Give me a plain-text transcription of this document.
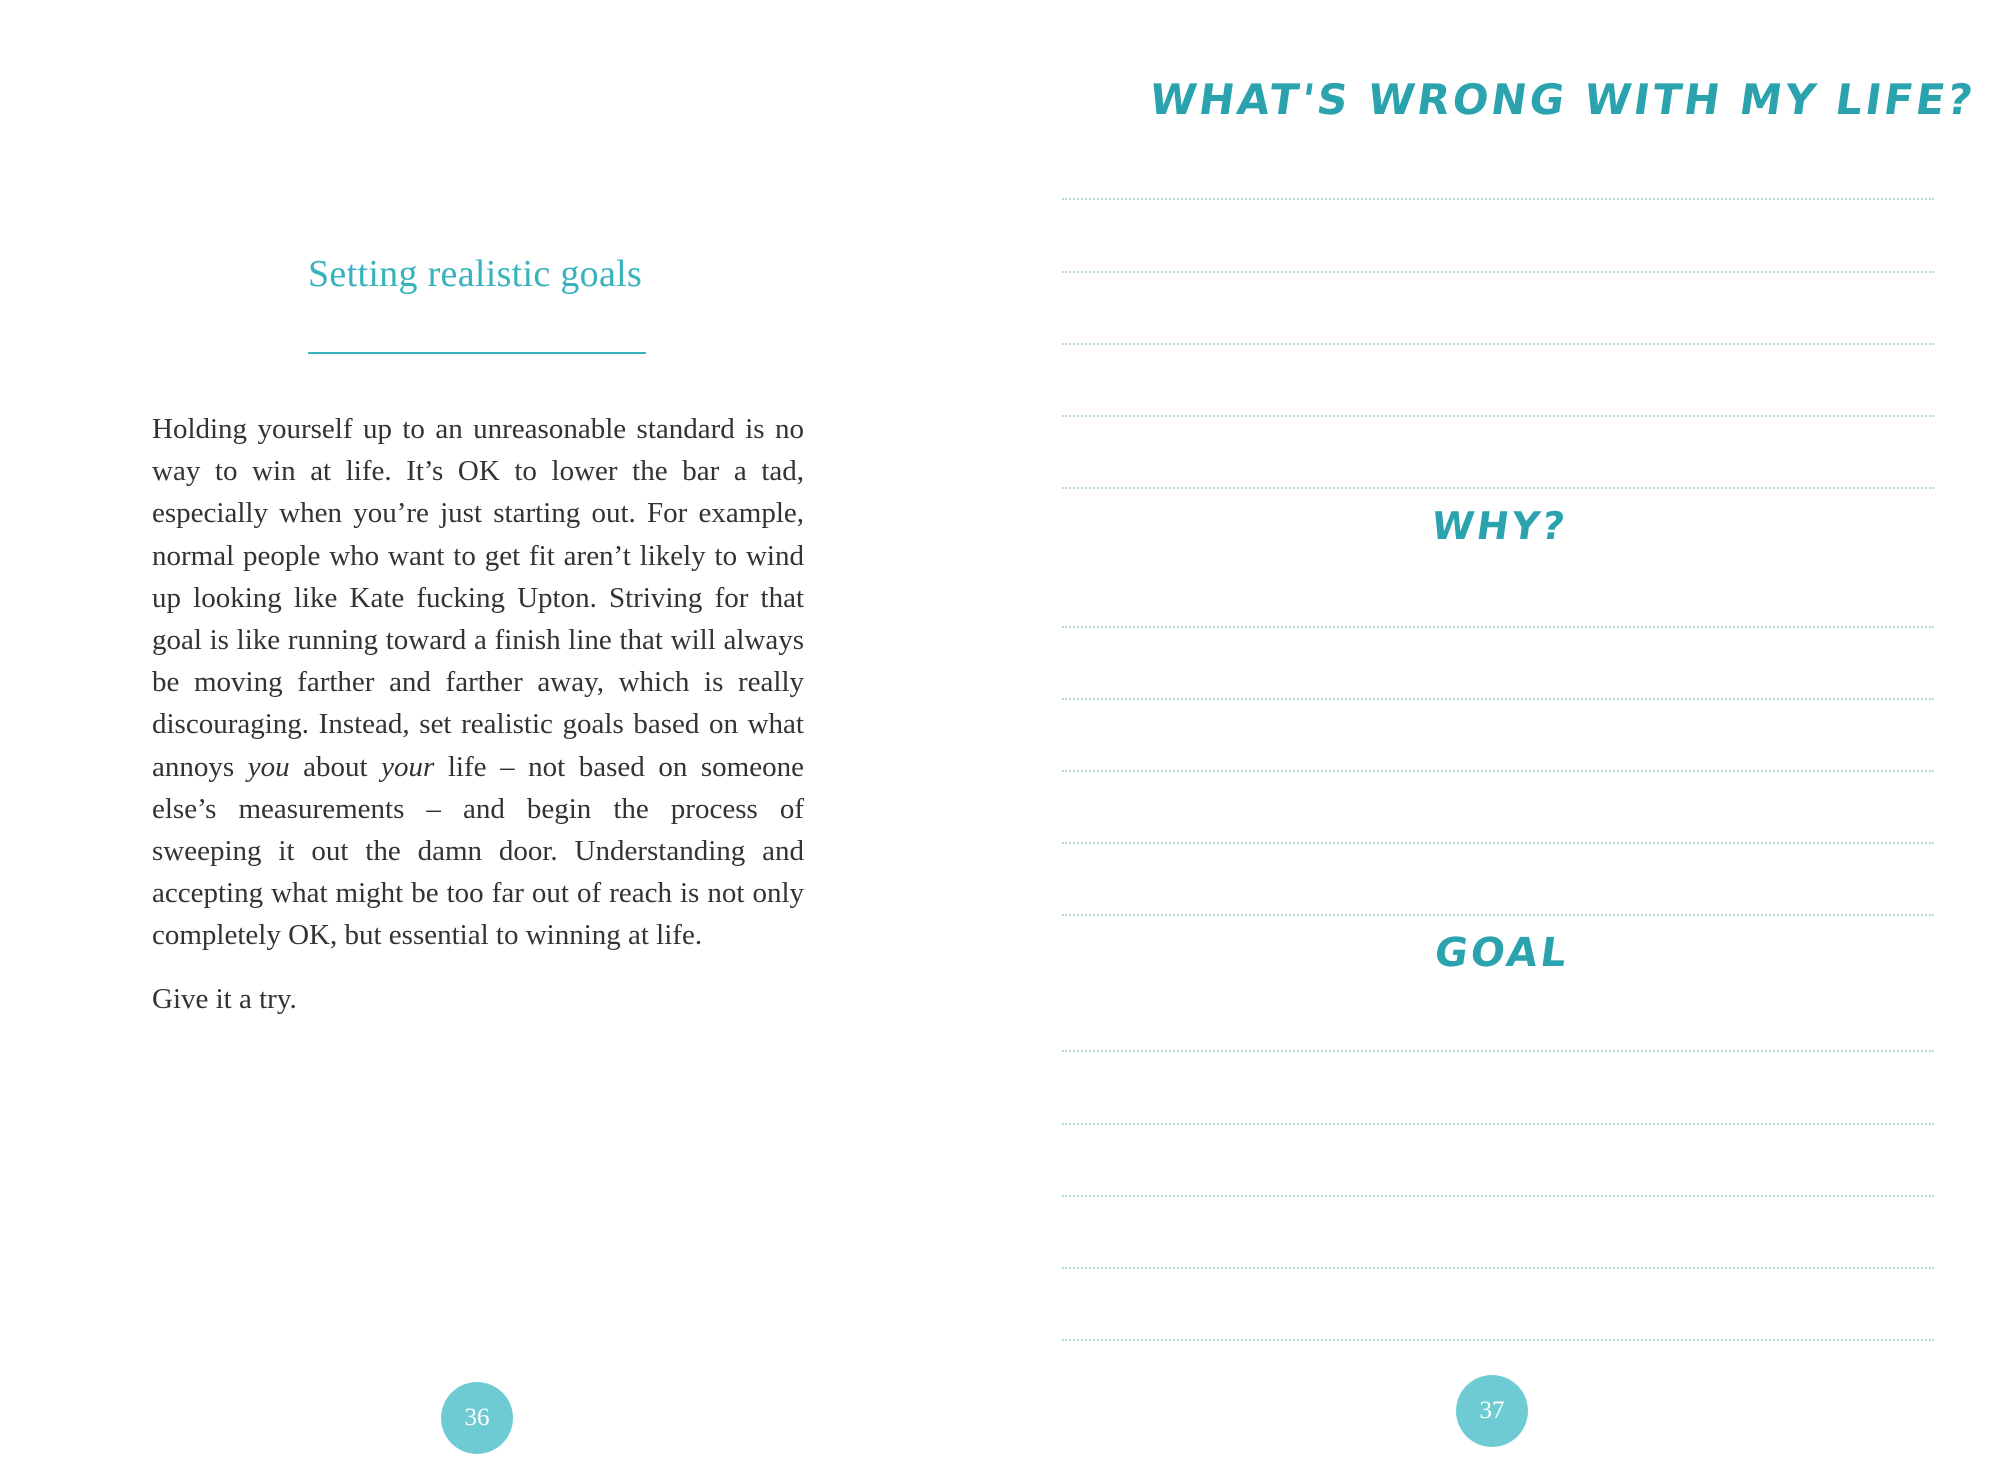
Setting realistic goals

Holding yourself up to an unreasonable standard is no way to win at life. It’s OK to lower the bar a tad, especially when you’re just starting out. For example, normal people who want to get fit aren’t likely to wind up looking like Kate fucking Upton. Striving for that goal is like running toward a finish line that will always be moving farther and farther away, which is really discouraging. Instead, set realistic goals based on what annoys you about your life – not based on someone else’s measurements – and begin the process of sweeping it out the damn door. Understanding and accepting what might be too far out of reach is not only completely OK, but essential to winning at life.

Give it a try.
36
WHAT'S WRONG WITH MY LIFE?
WHY?
GOAL
37
